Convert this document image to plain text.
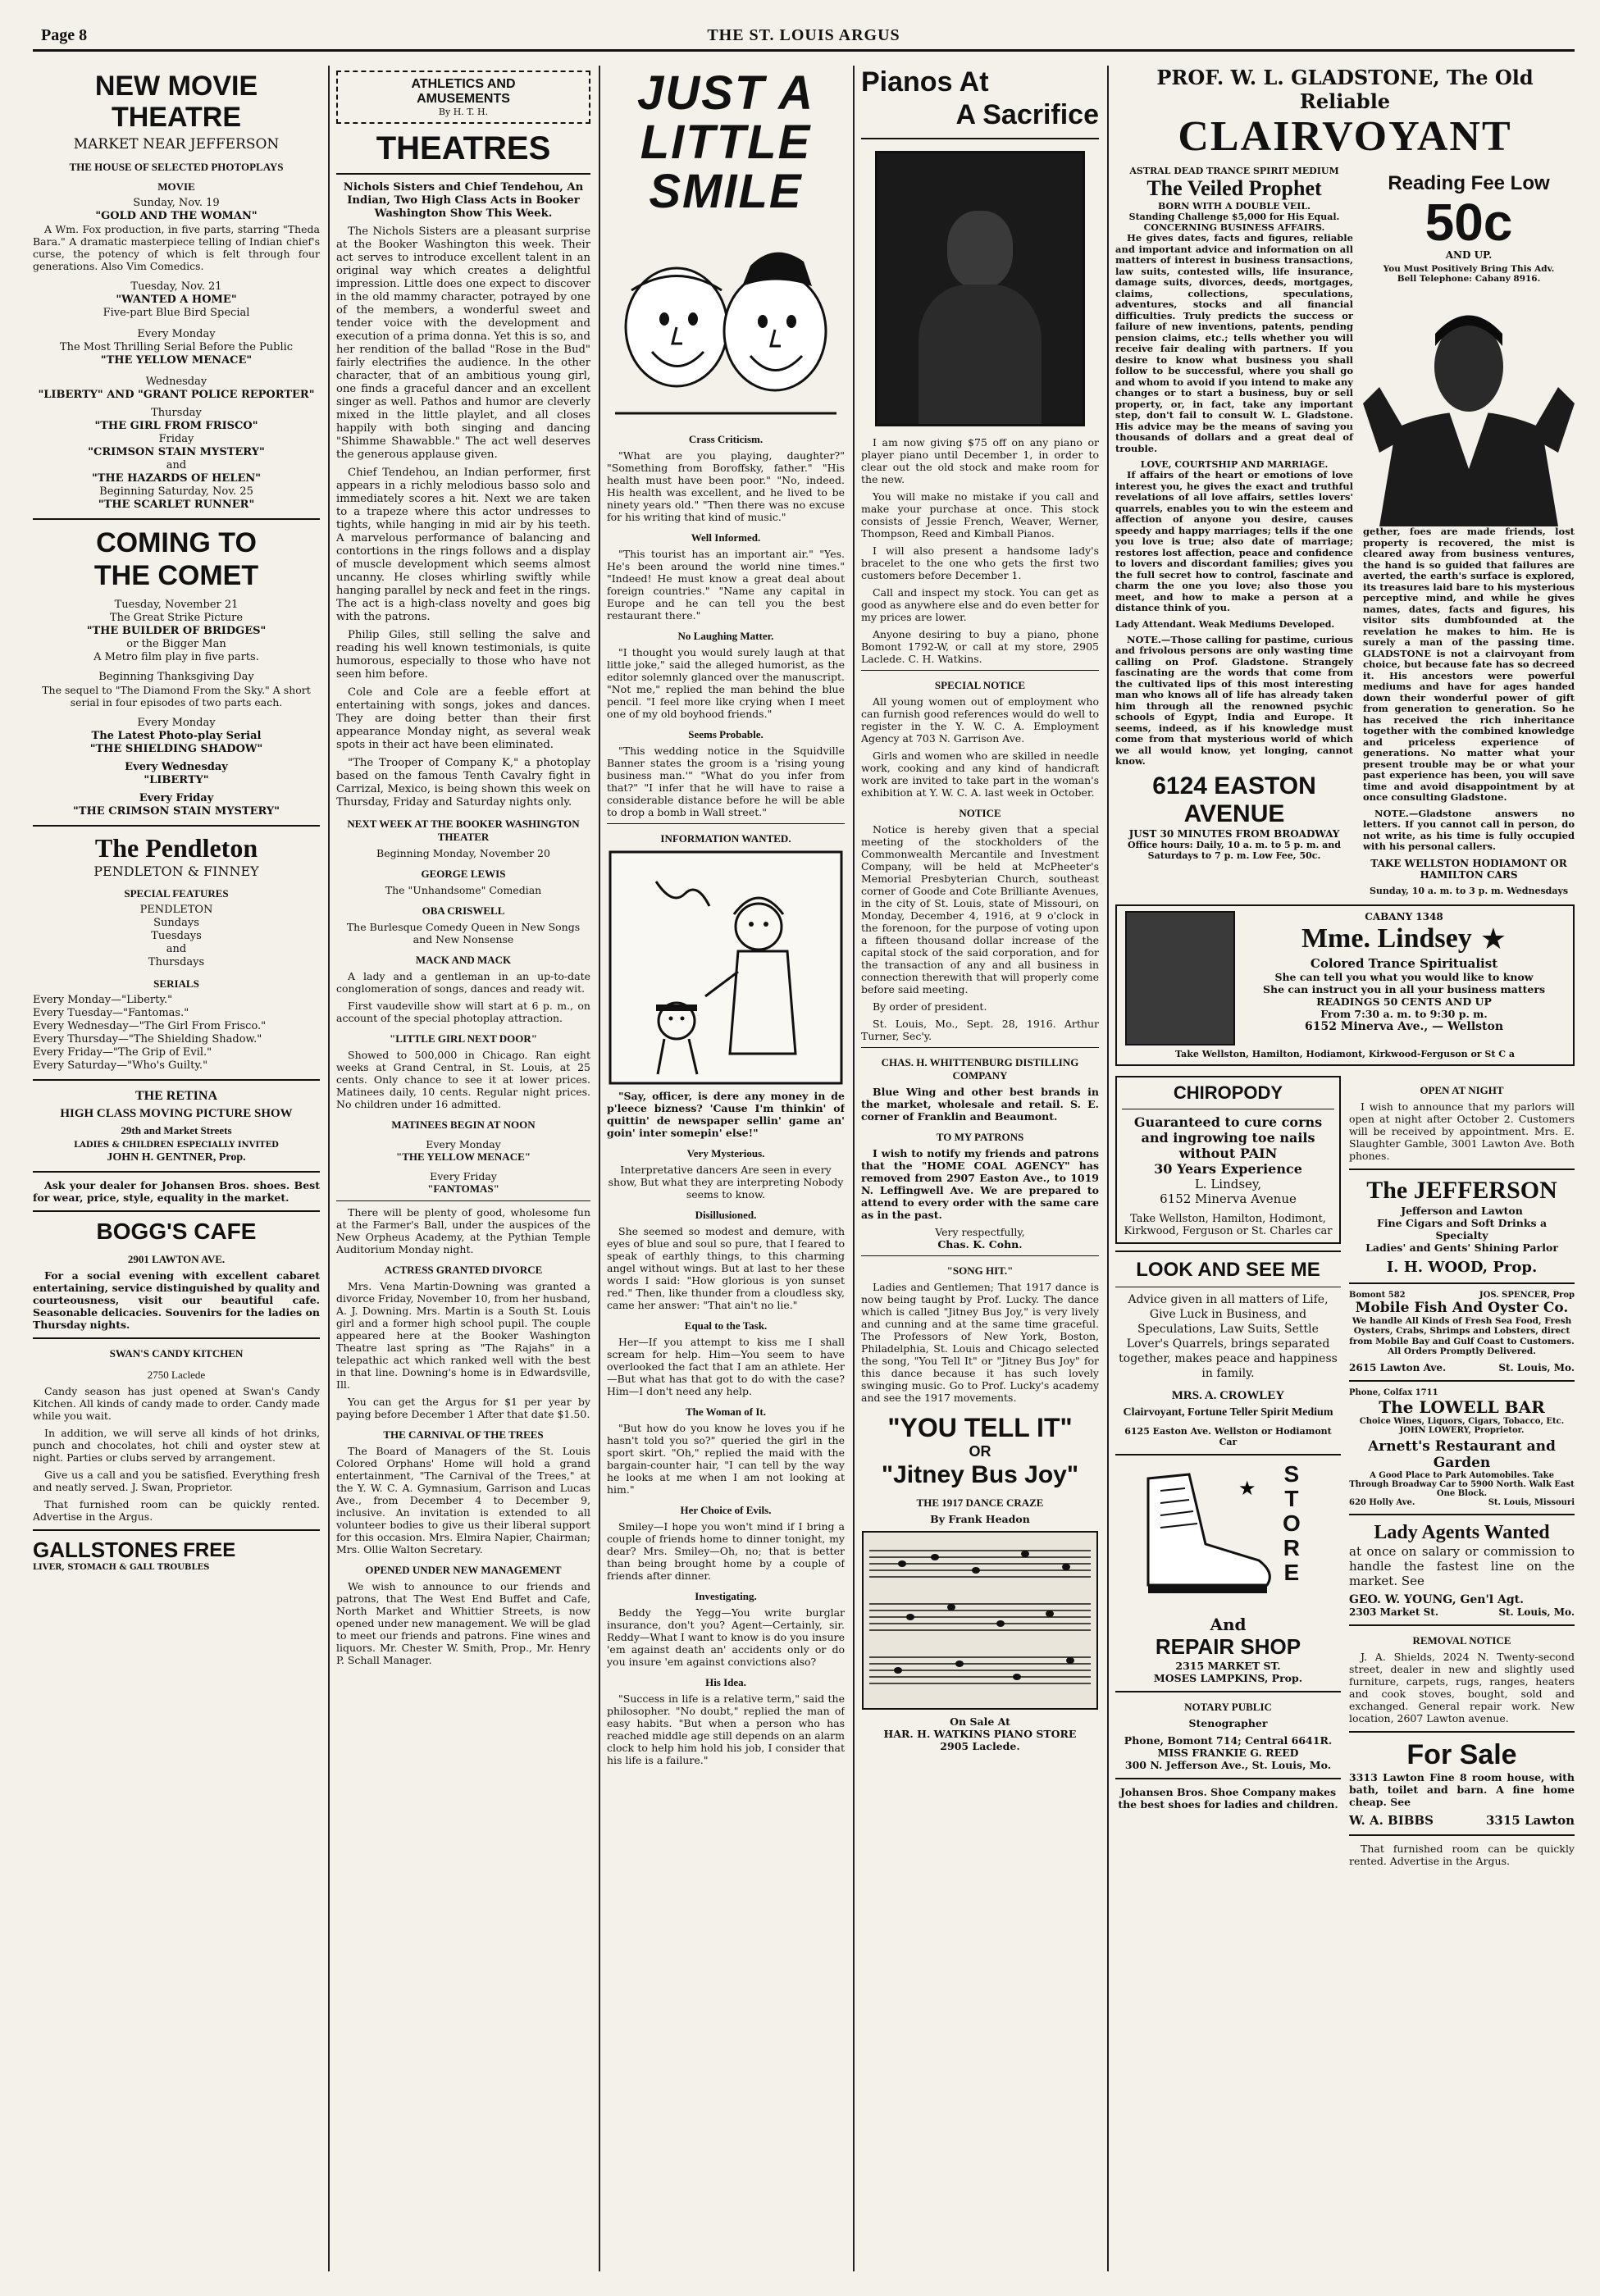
Page 8	THE ST. LOUIS ARGUS
NEW MOVIE
THEATRE
MARKET NEAR JEFFERSON
THE HOUSE OF SELECTED PHOTOPLAYS
MOVIE
Sunday, Nov. 19
"GOLD AND THE WOMAN"

A Wm. Fox production, in five parts, starring "Theda Bara." A dramatic masterpiece telling of Indian chief's curse, the potency of which is felt through four generations. Also Vim Comedics.

Tuesday, Nov. 21
"WANTED A HOME"
Five-part Blue Bird Special
Every Monday
The Most Thrilling Serial Before the Public
"THE YELLOW MENACE"
Wednesday
"LIBERTY" AND "GRANT POLICE REPORTER"
Thursday
"THE GIRL FROM FRISCO"
Friday
"CRIMSON STAIN MYSTERY"
and
"THE HAZARDS OF HELEN"
Beginning Saturday, Nov. 25
"THE SCARLET RUNNER"
COMING TO
THE COMET
Tuesday, November 21
The Great Strike Picture
"THE BUILDER OF BRIDGES"
or the Bigger Man
A Metro film play in five parts.
Beginning Thanksgiving Day

The sequel to "The Diamond From the Sky." A short serial in four episodes of two parts each.

Every Monday
The Latest Photo-play Serial
"THE SHIELDING SHADOW"
Every Wednesday
"LIBERTY"
Every Friday
"THE CRIMSON STAIN MYSTERY"
The Pendleton
PENDLETON & FINNEY
SPECIAL FEATURES
PENDLETON
Sundays
Tuesdays
and
Thursdays
SERIALS
Every Monday—"Liberty."
Every Tuesday—"Fantomas."
Every Wednesday—"The Girl From Frisco."
Every Thursday—"The Shielding Shadow."
Every Friday—"The Grip of Evil."
Every Saturday—"Who's Guilty."
THE RETINA
HIGH CLASS MOVING PICTURE SHOW
29th and Market Streets
LADIES & CHILDREN ESPECIALLY INVITED
JOHN H. GENTNER, Prop.

Ask your dealer for Johansen Bros. shoes. Best for wear, price, style, equality in the market.

BOGG'S CAFE
2901 LAWTON AVE.

For a social evening with excellent cabaret entertaining, service distinguished by quality and courteousness, visit our beautiful cafe. Seasonable delicacies. Souvenirs for the ladies on Thursday nights.

SWAN'S CANDY KITCHEN
2750 Laclede

Candy season has just opened at Swan's Candy Kitchen. All kinds of candy made to order. Candy made while you wait.

In addition, we will serve all kinds of hot drinks, punch and chocolates, hot chili and oyster stew at night. Parties or clubs served by arrangement.

Give us a call and you be satisfied. Everything fresh and neatly served. J. Swan, Proprietor.

That furnished room can be quickly rented. Advertise in the Argus.

GALLSTONES FREE
LIVER, STOMACH & GALL TROUBLES
ATHLETICS AND
AMUSEMENTS
By H. T. H.
THEATRES

Nichols Sisters and Chief Tendehou, An Indian, Two High Class Acts in Booker Washington Show This Week.

The Nichols Sisters are a pleasant surprise at the Booker Washington this week. Their act serves to introduce excellent talent in an original way which creates a delightful impression. Little does one expect to discover in the old mammy character, potrayed by one of the members, a wonderful sweet and tender voice with the development and execution of a prima donna. Yet this is so, and her rendition of the ballad "Rose in the Bud" fairly electrifies the audience. In the other character, that of an ambitious young girl, one finds a graceful dancer and an excellent singer as well. Pathos and humor are cleverly mixed in the little playlet, and all closes happily with both singing and dancing "Shimme Shawabble." The act well deserves the generous applause given.

Chief Tendehou, an Indian performer, first appears in a richly melodious basso solo and immediately scores a hit. Next we are taken to a trapeze where this actor undresses to tights, while hanging in mid air by his teeth. A marvelous performance of balancing and contortions in the rings follows and a display of muscle development which seems almost uncanny. He closes whirling swiftly while hanging parallel by neck and feet in the rings. The act is a high-class novelty and goes big with the patrons.

Philip Giles, still selling the salve and reading his well known testimonials, is quite humorous, especially to those who have not seen him before.

Cole and Cole are a feeble effort at entertaining with songs, jokes and dances. They are doing better than their first appearance Monday night, as several weak spots in their act have been eliminated.

"The Trooper of Company K," a photoplay based on the famous Tenth Cavalry fight in Carrizal, Mexico, is being shown this week on Thursday, Friday and Saturday nights only.

NEXT WEEK AT THE BOOKER WASHINGTON THEATER
Beginning Monday, November 20
GEORGE LEWIS
The "Unhandsome" Comedian
OBA CRISWELL
The Burlesque Comedy Queen in New Songs and New Nonsense
MACK AND MACK

A lady and a gentleman in an up-to-date conglomeration of songs, dances and ready wit.

First vaudeville show will start at 6 p. m., on account of the special photoplay attraction.

"LITTLE GIRL NEXT DOOR"

Showed to 500,000 in Chicago. Ran eight weeks at Grand Central, in St. Louis, at 25 cents. Only chance to see it at lower prices. Matinees daily, 10 cents. Regular night prices. No children under 16 admitted.

MATINEES BEGIN AT NOON
Every Monday
"THE YELLOW MENACE"
Every Friday
"FANTOMAS"

There will be plenty of good, wholesome fun at the Farmer's Ball, under the auspices of the New Orpheus Academy, at the Pythian Temple Auditorium Monday night.

ACTRESS GRANTED DIVORCE

Mrs. Vena Martin-Downing was granted a divorce Friday, November 10, from her husband, A. J. Downing. Mrs. Martin is a South St. Louis girl and a former high school pupil. The couple appeared here at the Booker Washington Theatre last spring as "The Rajahs" in a telepathic act which ranked well with the best in that line. Downing's home is in Edwardsville, Ill.

You can get the Argus for $1 per year by paying before December 1 After that date $1.50.

THE CARNIVAL OF THE TREES

The Board of Managers of the St. Louis Colored Orphans' Home will hold a grand entertainment, "The Carnival of the Trees," at the Y. W. C. A. Gymnasium, Garrison and Lucas Ave., from December 4 to December 9, inclusive. An invitation is extended to all volunteer bodies to give us their liberal support for this occasion. Mrs. Elmira Napier, Chairman; Mrs. Ollie Walton Secretary.

OPENED UNDER NEW MANAGEMENT

We wish to announce to our friends and patrons, that The West End Buffet and Cafe, North Market and Whittier Streets, is now opened under new management. We will be glad to meet our friends and patrons. Fine wines and liquors. Mr. Chester W. Smith, Prop., Mr. Henry P. Schall Manager.

JUST A
LITTLE
SMILE
Crass Criticism.

"What are you playing, daughter?" "Something from Boroffsky, father." "His health must have been poor." "No, indeed. His health was excellent, and he lived to be ninety years old." "Then there was no excuse for his writing that kind of music."

Well Informed.

"This tourist has an important air." "Yes. He's been around the world nine times." "Indeed! He must know a great deal about foreign countries." "Name any capital in Europe and he can tell you the best restaurant there."

No Laughing Matter.

"I thought you would surely laugh at that little joke," said the alleged humorist, as the editor solemnly glanced over the manuscript. "Not me," replied the man behind the blue pencil. "I feel more like crying when I meet one of my old boyhood friends."

Seems Probable.

"This wedding notice in the Squidville Banner states the groom is a 'rising young business man.'" "What do you infer from that?" "I infer that he will have to raise a considerable distance before he will be able to drop a bomb in Wall street."

INFORMATION WANTED.

"Say, officer, is dere any money in de p'leece bizness? 'Cause I'm thinkin' of quittin' de newspaper sellin' game an' goin' inter somepin' else!"

Very Mysterious.

Interpretative dancers Are seen in every show, But what they are interpreting Nobody seems to know.

Disillusioned.

She seemed so modest and demure, with eyes of blue and soul so pure, that I feared to speak of earthly things, to this charming angel without wings. But at last to her these words I said: "How glorious is yon sunset red." Then, like thunder from a cloudless sky, came her answer: "That ain't no lie."

Equal to the Task.

Her—If you attempt to kiss me I shall scream for help. Him—You seem to have overlooked the fact that I am an athlete. Her—But what has that got to do with the case? Him—I don't need any help.

The Woman of It.

"But how do you know he loves you if he hasn't told you so?" queried the girl in the sport skirt. "Oh," replied the maid with the bargain-counter hair, "I can tell by the way he looks at me when I am not looking at him."

Her Choice of Evils.

Smiley—I hope you won't mind if I bring a couple of friends home to dinner tonight, my dear? Mrs. Smiley—Oh, no; that is better than being brought home by a couple of friends after dinner.

Investigating.

Beddy the Yegg—You write burglar insurance, don't you? Agent—Certainly, sir. Reddy—What I want to know is do you insure 'em against death an' accidents only or do you insure 'em against convictions also?

His Idea.

"Success in life is a relative term," said the philosopher. "No doubt," replied the man of easy habits. "But when a person who has reached middle age still depends on an alarm clock to help him hold his job, I consider that his life is a failure."

Pianos At
A Sacrifice

I am now giving $75 off on any piano or player piano until December 1, in order to clear out the old stock and make room for the new.

You will make no mistake if you call and make your purchase at once. This stock consists of Jessie French, Weaver, Werner, Thompson, Reed and Kimball Pianos.

I will also present a handsome lady's bracelet to the one who gets the first two customers before December 1.

Call and inspect my stock. You can get as good as anywhere else and do even better for my prices are lower.

Anyone desiring to buy a piano, phone Bomont 1792-W, or call at my store, 2905 Laclede. C. H. Watkins.

SPECIAL NOTICE

All young women out of employment who can furnish good references would do well to register in the Y. W. C. A. Employment Agency at 703 N. Garrison Ave.

Girls and women who are skilled in needle work, cooking and any kind of handicraft work are invited to take part in the woman's exhibition at Y. W. C. A. last week in October.

NOTICE

Notice is hereby given that a special meeting of the stockholders of the Commonwealth Mercantile and Investment Company, will be held at McPheeter's Memorial Presbyterian Church, southeast corner of Goode and Cote Brilliante Avenues, in the city of St. Louis, state of Missouri, on Monday, December 4, 1916, at 9 o'clock in the forenoon, for the purpose of voting upon a fifteen thousand dollar increase of the capital stock of the said corporation, and for the transaction of any and all business in connection therewith that will properly come before said meeting.

By order of president.

St. Louis, Mo., Sept. 28, 1916. Arthur Turner, Sec'y.

CHAS. H. WHITTENBURG DISTILLING COMPANY

Blue Wing and other best brands in the market, wholesale and retail. S. E. corner of Franklin and Beaumont.

TO MY PATRONS

I wish to notify my friends and patrons that the "HOME COAL AGENCY" has removed from 2907 Easton Ave., to 1019 N. Leffingwell Ave. We are prepared to attend to every order with the same care as in the past.

Very respectfully,
Chas. K. Cohn.
"SONG HIT."

Ladies and Gentlemen; That 1917 dance is now being taught by Prof. Lucky. The dance which is called "Jitney Bus Joy," is very lively and cunning and at the same time graceful. The Professors of New York, Boston, Philadelphia, St. Louis and Chicago selected the song, "You Tell It" or "Jitney Bus Joy" for this dance because it has such lovely swinging music. Go to Prof. Lucky's academy and see the 1917 movements.

"YOU TELL IT"
OR
"Jitney Bus Joy"
THE 1917 DANCE CRAZE
By Frank Headon
On Sale At
HAR. H. WATKINS PIANO STORE
2905 Laclede.
PROF. W. L. GLADSTONE, The Old Reliable
CLAIRVOYANT
ASTRAL DEAD TRANCE SPIRIT MEDIUM
The Veiled Prophet
BORN WITH A DOUBLE VEIL.
Standing Challenge $5,000 for His Equal.
CONCERNING BUSINESS AFFAIRS.

He gives dates, facts and figures, reliable and important advice and information on all matters of interest in business transactions, law suits, contested wills, life insurance, damage suits, divorces, deeds, mortgages, claims, collections, speculations, adventures, stocks and all financial difficulties. Truly predicts the success or failure of new inventions, patents, pending pension claims, etc.; tells whether you will receive fair dealing with partners. If you desire to know what business you shall follow to be successful, where you shall go and whom to avoid if you intend to make any changes or to start a business, buy or sell property, or, in fact, take any important step, don't fail to consult W. L. Gladstone. His advice may be the means of saving you thousands of dollars and a great deal of trouble.

LOVE, COURTSHIP AND MARRIAGE.

If affairs of the heart or emotions of love interest you, he gives the exact and truthful revelations of all love affairs, settles lovers' quarrels, enables you to win the esteem and affection of anyone you desire, causes speedy and happy marriages; tells if the one you love is true; also date of marriage; restores lost affection, peace and confidence to lovers and discordant families; gives you the full secret how to control, fascinate and charm the one you love; also those you meet, and how to make a person at a distance think of you.

Lady Attendant. Weak Mediums Developed.

NOTE.—Those calling for pastime, curious and frivolous persons are only wasting time calling on Prof. Gladstone. Strangely fascinating are the words that come from the cultivated lips of this most interesting man who knows all of life has already taken him through all the renowned psychic schools of Egypt, India and Europe. It seems, indeed, as if his knowledge must come from that mysterious world of which we all would know, yet longing, cannot know.

6124 EASTON AVENUE
JUST 30 MINUTES FROM BROADWAY
Office hours: Daily, 10 a. m. to 5 p. m. and Saturdays to 7 p. m. Low Fee, 50c.
Reading Fee Low
50c
AND UP.
You Must Positively Bring This Adv.
Bell Telephone: Cabany 8916.

gether, foes are made friends, lost property is recovered, the mist is cleared away from business ventures, the hand is so guided that failures are averted, the earth's surface is explored, its treasures laid bare to his mysterious perceptive mind, and while he gives names, dates, facts and figures, his visitor sits dumbfounded at the revelation he makes to him. He is surely a man of the passing time. GLADSTONE is not a clairvoyant from choice, but because fate has so decreed it. His ancestors were powerful mediums and have for ages handed down their wonderful power of gift from generation to generation. So he has received the rich inheritance together with the combined knowledge and priceless experience of generations. No matter what your present trouble may be or what your past experience has been, you will save time and avoid disappointment by at once consulting Gladstone.

NOTE.—Gladstone answers no letters. If you cannot call in person, do not write, as his time is fully occupied with his personal callers.

TAKE WELLSTON HODIAMONT OR HAMILTON CARS
Sunday, 10 a. m. to 3 p. m. Wednesdays
CABANY 1348
Mme. Lindsey ★
Colored Trance Spiritualist
She can tell you what you would like to know
She can instruct you in all your business matters
READINGS 50 CENTS AND UP
From 7:30 a. m. to 9:30 p. m.
6152 Minerva Ave., — Wellston
Take Wellston, Hamilton, Hodiamont, Kirkwood-Ferguson or St C a
CHIROPODY
Guaranteed to cure corns and ingrowing toe nails without PAIN
30 Years Experience
L. Lindsey,
6152 Minerva Avenue
Take Wellston, Hamilton, Hodimont, Kirkwood, Ferguson or St. Charles car
LOOK AND SEE ME

Advice given in all matters of Life, Give Luck in Business, and Speculations, Law Suits, Settle Lover's Quarrels, brings separated together, makes peace and happiness in family.

MRS. A. CROWLEY
Clairvoyant, Fortune Teller Spirit Medium
6125 Easton Ave. Wellston or Hodiamont Car
★
S
T
O
R
E
THIS STAR EVERY HEEL
And
REPAIR SHOP
2315 MARKET ST.
MOSES LAMPKINS, Prop.
NOTARY PUBLIC
Stenographer
Phone, Bomont 714; Central 6641R.
MISS FRANKIE G. REED
300 N. Jefferson Ave., St. Louis, Mo.

Johansen Bros. Shoe Company makes the best shoes for ladies and children.

OPEN AT NIGHT

I wish to announce that my parlors will open at night after October 2. Customers will be received by appointment. Mrs. E. Slaughter Gamble, 3001 Lawton Ave. Both phones.

The JEFFERSON
Jefferson and Lawton
Fine Cigars and Soft Drinks a Specialty
Ladies' and Gents' Shining Parlor
I. H. WOOD, Prop.
Bomont 582	JOS. SPENCER, Prop
Mobile Fish And Oyster Co.

We handle All Kinds of Fresh Sea Food, Fresh Oysters, Crabs, Shrimps and Lobsters, direct from Mobile Bay and Gulf Coast to Customers. All Orders Promptly Delivered.

2615 Lawton Ave.	St. Louis, Mo.
Phone, Colfax 1711
The LOWELL BAR
Choice Wines, Liquors, Cigars, Tobacco, Etc. JOHN LOWERY, Proprietor.
Arnett's Restaurant and Garden
A Good Place to Park Automobiles. Take Through Broadway Car to 5900 North. Walk East One Block.
620 Holly Ave.	St. Louis, Missouri
Lady Agents Wanted

at once on salary or commission to handle the fastest line on the market. See

GEO. W. YOUNG, Gen'l Agt.
2303 Market St.	St. Louis, Mo.
REMOVAL NOTICE

J. A. Shields, 2024 N. Twenty-second street, dealer in new and slightly used furniture, carpets, rugs, ranges, heaters and cook stoves, bought, sold and exchanged. General repair work. New location, 2607 Lawton avenue.

For Sale

3313 Lawton Fine 8 room house, with bath, toilet and barn. A fine home cheap. See

W. A. BIBBS	3315 Lawton

That furnished room can be quickly rented. Advertise in the Argus.
